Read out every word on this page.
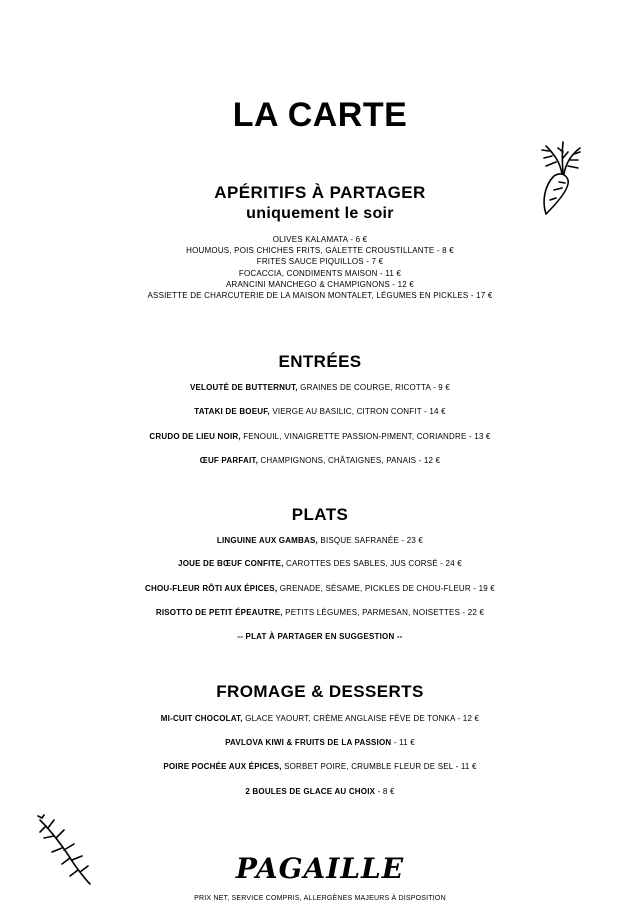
LA CARTE
APÉRITIFS À PARTAGER
uniquement le soir
OLIVES KALAMATA - 6 €
HOUMOUS, POIS CHICHES FRITS, GALETTE CROUSTILLANTE - 8 €
FRITES SAUCE PIQUILLOS - 7 €
FOCACCIA, CONDIMENTS MAISON - 11 €
ARANCINI MANCHEGO & CHAMPIGNONS - 12 €
ASSIETTE DE CHARCUTERIE DE LA MAISON MONTALET, LÉGUMES EN PICKLES - 17 €
ENTRÉES
VELOUTÉ DE BUTTERNUT, GRAINES DE COURGE, RICOTTA - 9 €
TATAKI DE BOEUF, VIERGE AU BASILIC, CITRON CONFIT - 14 €
CRUDO DE LIEU NOIR, FENOUIL, VINAIGRETTE PASSION-PIMENT, CORIANDRE - 13 €
ŒUF PARFAIT, CHAMPIGNONS, CHÂTAIGNES, PANAIS - 12 €
PLATS
LINGUINE AUX GAMBAS, BISQUE SAFRANÉE - 23 €
JOUE DE BŒUF CONFITE, CAROTTES DES SABLES, JUS CORSÉ - 24 €
CHOU-FLEUR RÔTI AUX ÉPICES, GRENADE, SÉSAME, PICKLES DE CHOU-FLEUR - 19 €
RISOTTO DE PETIT ÉPEAUTRE, PETITS LÉGUMES, PARMESAN, NOISETTES - 22 €
-- PLAT À PARTAGER EN SUGGESTION --
FROMAGE & DESSERTS
MI-CUIT CHOCOLAT, GLACE YAOURT, CRÈME ANGLAISE FÈVE DE TONKA - 12 €
PAVLOVA KIWI & FRUITS DE LA PASSION - 11 €
POIRE POCHÉE AUX ÉPICES, SORBET POIRE, CRUMBLE FLEUR DE SEL - 11 €
2 BOULES DE GLACE AU CHOIX - 8 €
PAGAILLE
PRIX NET, SERVICE COMPRIS, ALLERGÈNES MAJEURS À DISPOSITION
